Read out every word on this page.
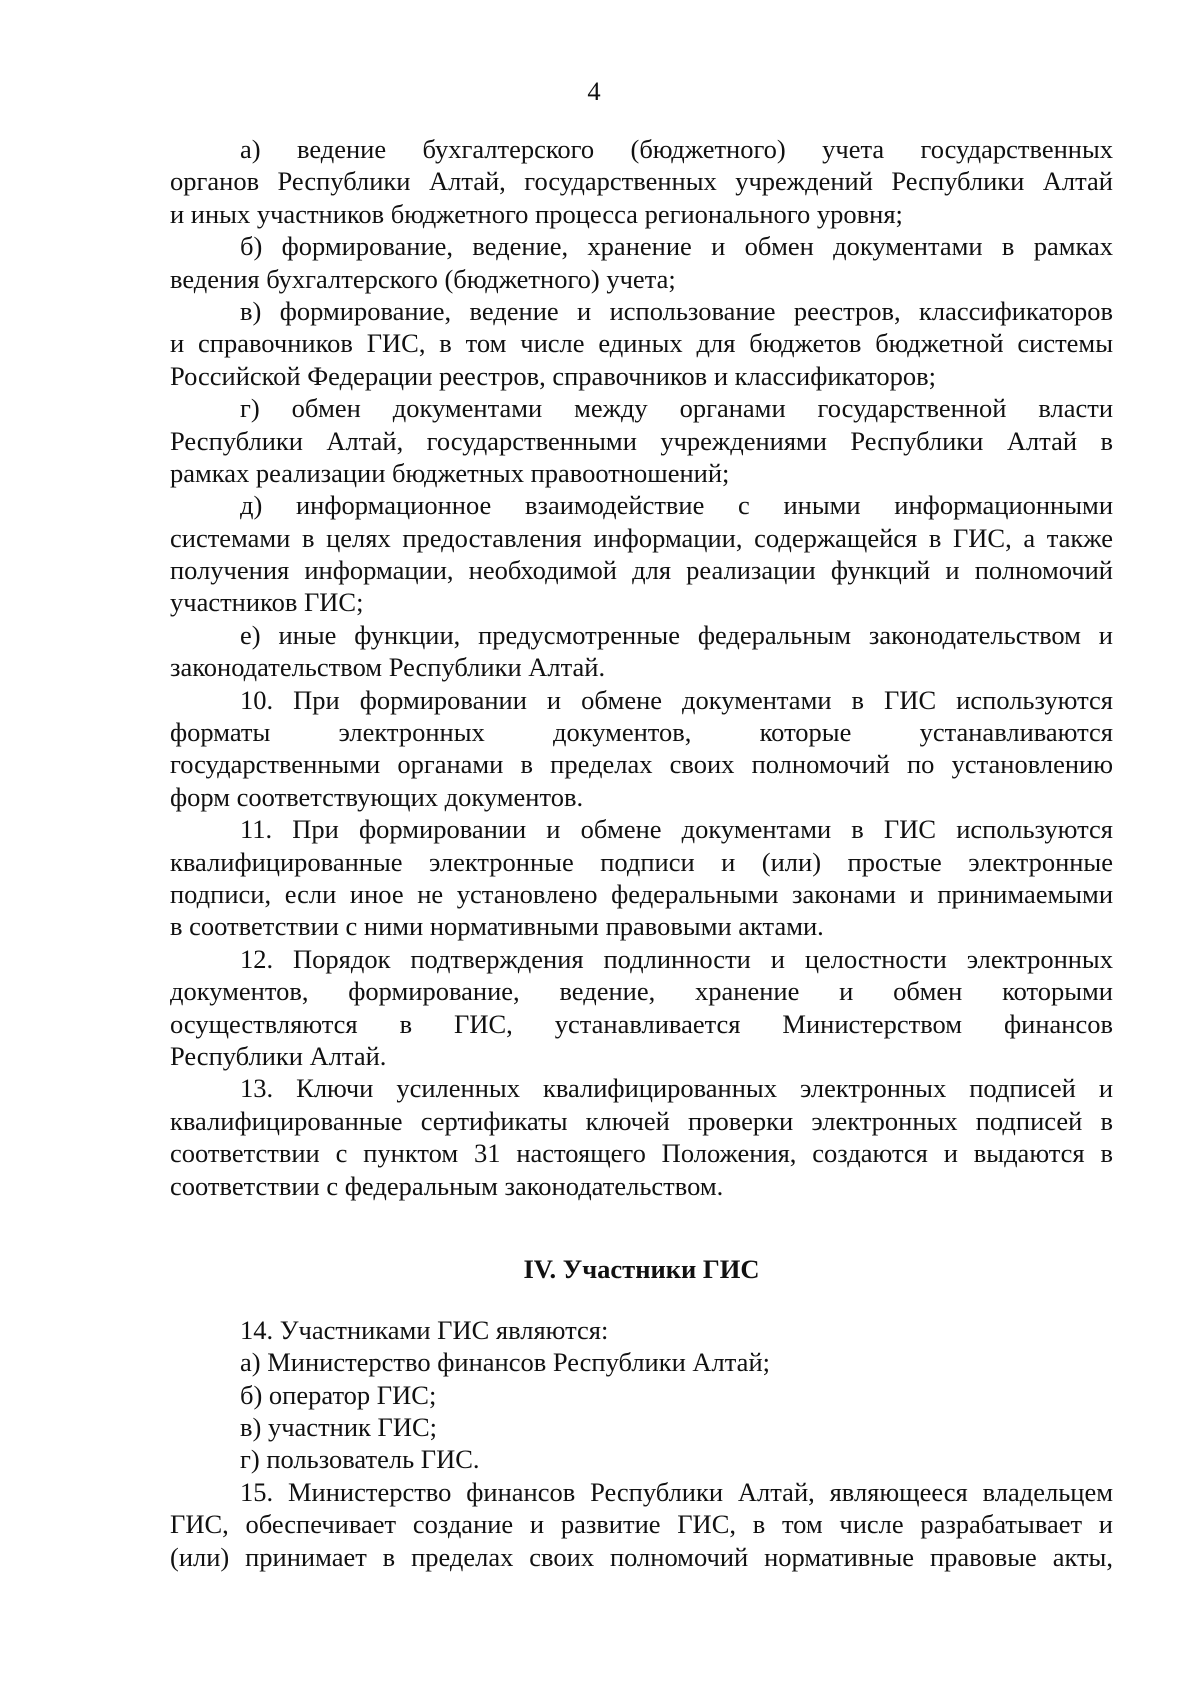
4
а) ведение бухгалтерского (бюджетного) учета государственных
органов Республики Алтай, государственных учреждений Республики Алтай
и иных участников бюджетного процесса регионального уровня;
б) формирование, ведение, хранение и обмен документами в рамках
ведения бухгалтерского (бюджетного) учета;
в) формирование, ведение и использование реестров, классификаторов
и справочников ГИС, в том числе единых для бюджетов бюджетной системы
Российской Федерации реестров, справочников и классификаторов;
г) обмен документами между органами государственной власти
Республики Алтай, государственными учреждениями Республики Алтай в
рамках реализации бюджетных правоотношений;
д) информационное взаимодействие с иными информационными
системами в целях предоставления информации, содержащейся в ГИС, а также
получения информации, необходимой для реализации функций и полномочий
участников ГИС;
е) иные функции, предусмотренные федеральным законодательством и
законодательством Республики Алтай.
10. При формировании и обмене документами в ГИС используются
форматы электронных документов, которые устанавливаются
государственными органами в пределах своих полномочий по установлению
форм соответствующих документов.
11. При формировании и обмене документами в ГИС используются
квалифицированные электронные подписи и (или) простые электронные
подписи, если иное не установлено федеральными законами и принимаемыми
в соответствии с ними нормативными правовыми актами.
12. Порядок подтверждения подлинности и целостности электронных
документов, формирование, ведение, хранение и обмен которыми
осуществляются в ГИС, устанавливается Министерством финансов
Республики Алтай.
13. Ключи усиленных квалифицированных электронных подписей и
квалифицированные сертификаты ключей проверки электронных подписей в
соответствии с пунктом 31 настоящего Положения, создаются и выдаются в
соответствии с федеральным законодательством.
IV. Участники ГИС
14. Участниками ГИС являются:
а) Министерство финансов Республики Алтай;
б) оператор ГИС;
в) участник ГИС;
г) пользователь ГИС.
15. Министерство финансов Республики Алтай, являющееся владельцем
ГИС, обеспечивает создание и развитие ГИС, в том числе разрабатывает и
(или) принимает в пределах своих полномочий нормативные правовые акты,
